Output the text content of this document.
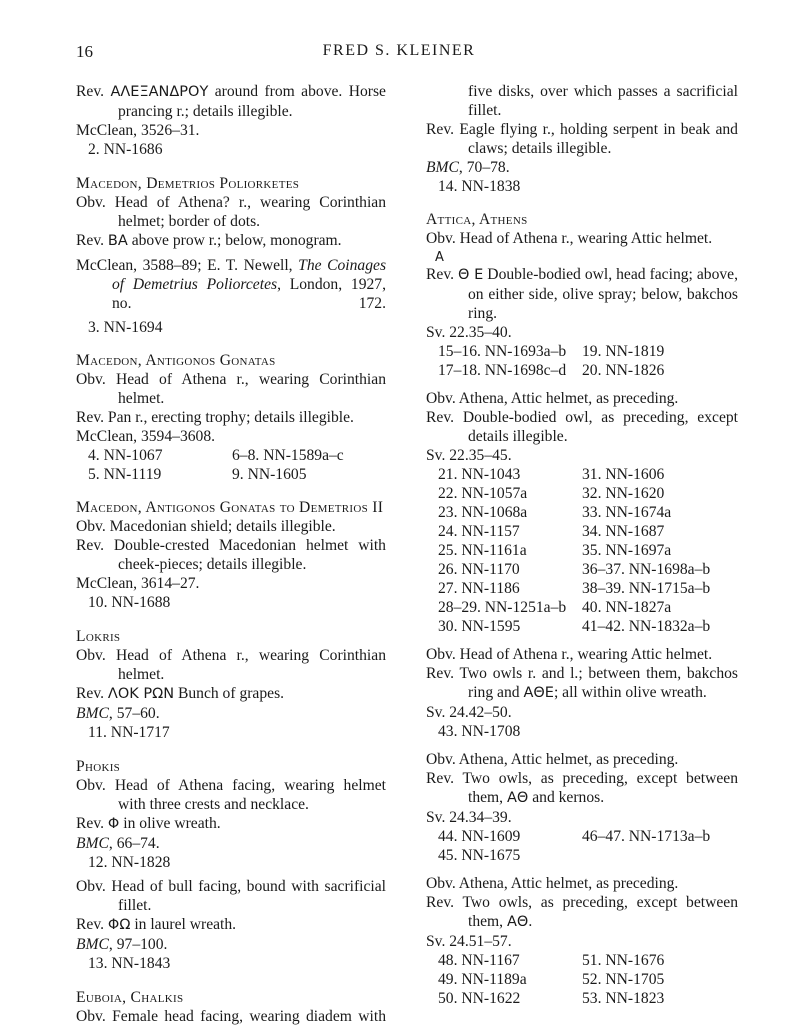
16	FRED S. KLEINER
Rev. ΑΛΕΞΑΝΔΡΟΥ around from above. Horse prancing r.; details illegible.
McClean, 3526–31.
2. NN-1686
Macedon, Demetrios Poliorketes
Obv. Head of Athena? r., wearing Corinthian helmet; border of dots.
Rev. ΒΑ above prow r.; below, monogram.
McClean, 3588–89; E. T. Newell, The Coinages of Demetrius Poliorcetes, London, 1927, no. 172.
3. NN-1694
Macedon, Antigonos Gonatas
Obv. Head of Athena r., wearing Corinthian helmet.
Rev. Pan r., erecting trophy; details illegible.
McClean, 3594–3608.
4. NN-1067	6–8. NN-1589a–c
5. NN-1119	9. NN-1605
Macedon, Antigonos Gonatas to Demetrios II
Obv. Macedonian shield; details illegible.
Rev. Double-crested Macedonian helmet with cheek-pieces; details illegible.
McClean, 3614–27.
10. NN-1688
Lokris
Obv. Head of Athena r., wearing Corinthian helmet.
Rev. ΛΟΚ ΡΩΝ Bunch of grapes.
BMC, 57–60.
11. NN-1717
Phokis
Obv. Head of Athena facing, wearing helmet with three crests and necklace.
Rev. Φ in olive wreath.
BMC, 66–74.
12. NN-1828
Obv. Head of bull facing, bound with sacrificial fillet.
Rev. ΦΩ in laurel wreath.
BMC, 97–100.
13. NN-1843
Euboia, Chalkis
Obv. Female head facing, wearing diadem with
five disks, over which passes a sacrificial fillet.
Rev. Eagle flying r., holding serpent in beak and claws; details illegible.
BMC, 70–78.
14. NN-1838
Attica, Athens
Obv. Head of Athena r., wearing Attic helmet.
Α
Rev. Θ Ε Double-bodied owl, head facing; above, on either side, olive spray; below, bakchos ring.
Sv. 22.35–40.
15–16. NN-1693a–b	19. NN-1819
17–18. NN-1698c–d	20. NN-1826
Obv. Athena, Attic helmet, as preceding.
Rev. Double-bodied owl, as preceding, except details illegible.
Sv. 22.35–45.
21. NN-1043	31. NN-1606
22. NN-1057a	32. NN-1620
23. NN-1068a	33. NN-1674a
24. NN-1157	34. NN-1687
25. NN-1161a	35. NN-1697a
26. NN-1170	36–37. NN-1698a–b
27. NN-1186	38–39. NN-1715a–b
28–29. NN-1251a–b	40. NN-1827a
30. NN-1595	41–42. NN-1832a–b
Obv. Head of Athena r., wearing Attic helmet.
Rev. Two owls r. and l.; between them, bakchos ring and ΑΘΕ; all within olive wreath.
Sv. 24.42–50.
43. NN-1708
Obv. Athena, Attic helmet, as preceding.
Rev. Two owls, as preceding, except between them, ΑΘ and kernos.
Sv. 24.34–39.
44. NN-1609	46–47. NN-1713a–b
45. NN-1675
Obv. Athena, Attic helmet, as preceding.
Rev. Two owls, as preceding, except between them, ΑΘ.
Sv. 24.51–57.
48. NN-1167	51. NN-1676
49. NN-1189a	52. NN-1705
50. NN-1622	53. NN-1823
